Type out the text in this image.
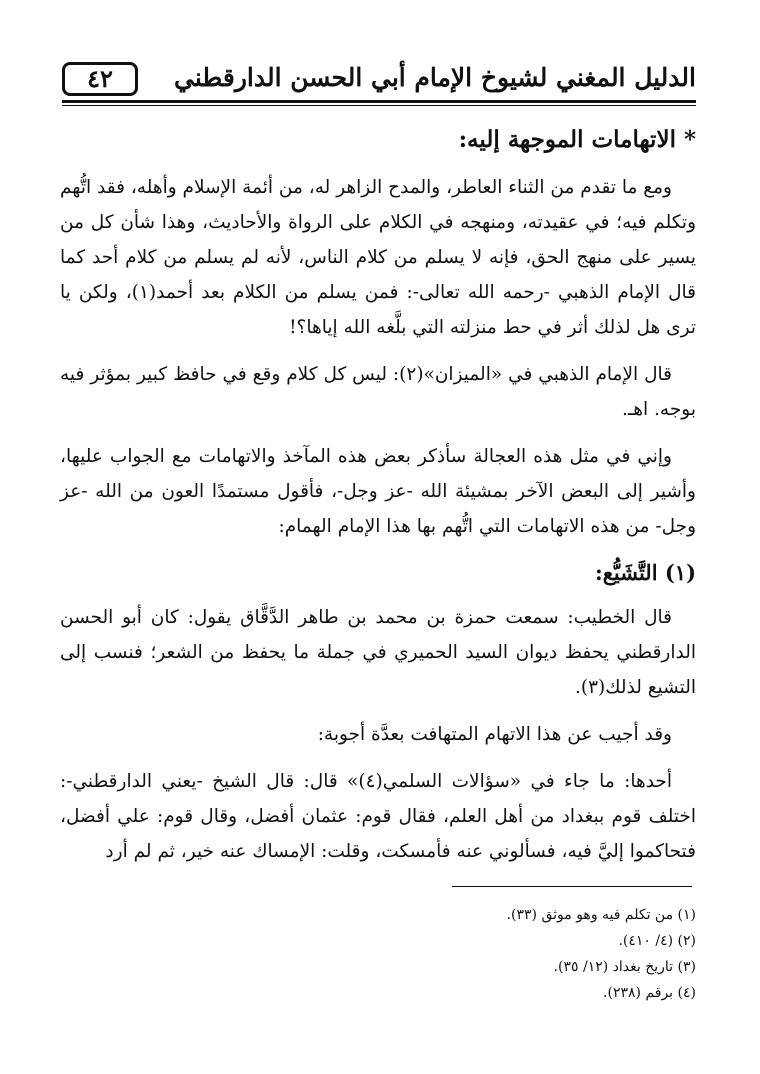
٤٢	الدليل المغني لشيوخ الإمام أبي الحسن الدارقطني
* الاتهامات الموجهة إليه:

ومع ما تقدم من الثناء العاطر، والمدح الزاهر له، من أئمة الإسلام وأهله، فقد اتُّهم وتكلم فيه؛ في عقيدته، ومنهجه في الكلام على الرواة والأحاديث، وهذا شأن كل من يسير على منهج الحق، فإنه لا يسلم من كلام الناس، لأنه لم يسلم من كلام أحد كما قال الإمام الذهبي -رحمه الله تعالى-: فمن يسلم من الكلام بعد أحمد(١)، ولكن يا ترى هل لذلك أثر في حط منزلته التي بلَّغه الله إياها؟!

قال الإمام الذهبي في «الميزان»(٢): ليس كل كلام وقع في حافظ كبير بمؤثر فيه بوجه. اهـ.

وإني في مثل هذه العجالة سأذكر بعض هذه المآخذ والاتهامات مع الجواب عليها، وأشير إلى البعض الآخر بمشيئة الله -عز وجل-، فأقول مستمدًا العون من الله -عز وجل- من هذه الاتهامات التي اتُّهم بها هذا الإمام الهمام:

(١) التَّشَيُّع:

قال الخطيب: سمعت حمزة بن محمد بن طاهر الدَّقَّاق يقول: كان أبو الحسن الدارقطني يحفظ ديوان السيد الحميري في جملة ما يحفظ من الشعر؛ فنسب إلى التشيع لذلك(٣).

وقد أجيب عن هذا الاتهام المتهافت بعدَّة أجوبة:

أحدها: ما جاء في «سؤالات السلمي(٤)» قال: قال الشيخ -يعني الدارقطني-: اختلف قوم ببغداد من أهل العلم، فقال قوم: عثمان أفضل، وقال قوم: علي أفضل، فتحاكموا إليَّ فيه، فسألوني عنه فأمسكت، وقلت: الإمساك عنه خير، ثم لم أرد

(١) من تكلم فيه وهو موثق (٣٣).

(٢) (٤/ ٤١٠).

(٣) تاريخ بغداد (١٢/ ٣٥).

(٤) برقم (٢٣٨).
